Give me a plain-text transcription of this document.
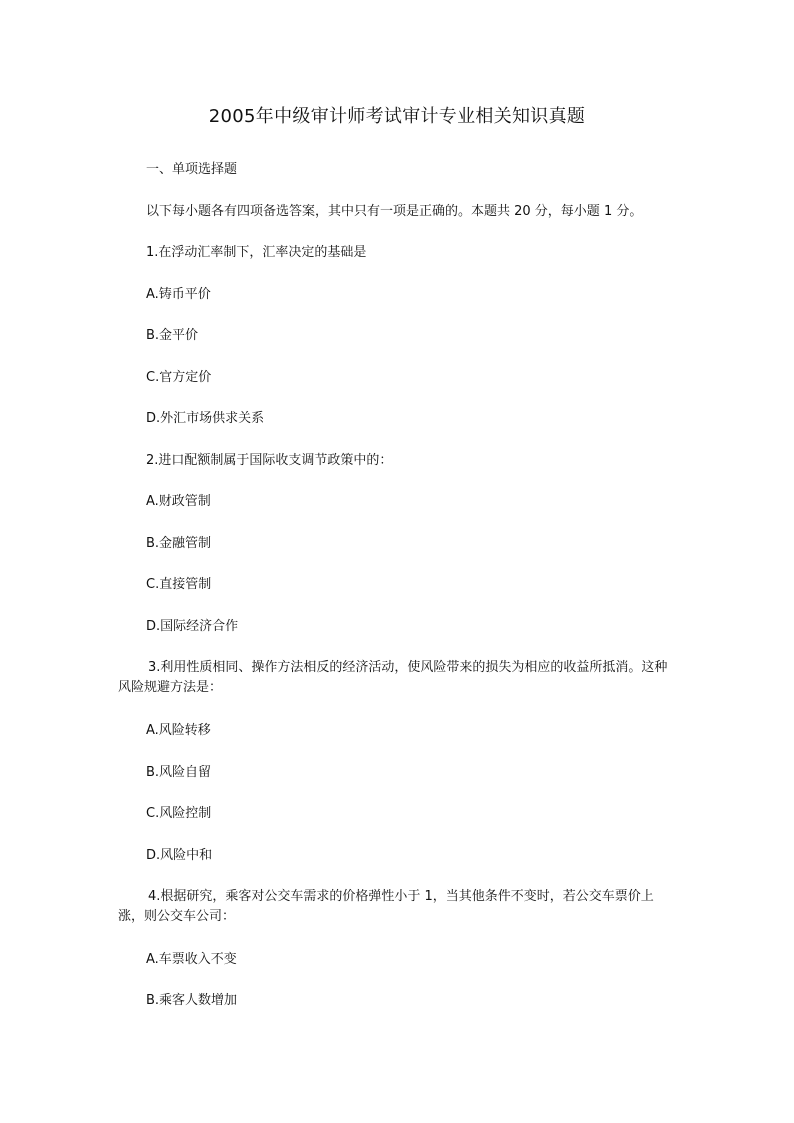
2005年中级审计师考试审计专业相关知识真题
一、单项选择题
以下每小题各有四项备选答案，其中只有一项是正确的。本题共 20 分，每小题 1 分。
1.在浮动汇率制下，汇率决定的基础是
A.铸币平价
B.金平价
C.官方定价
D.外汇市场供求关系
2.进口配额制属于国际收支调节政策中的：
A.财政管制
B.金融管制
C.直接管制
D.国际经济合作
3.利用性质相同、操作方法相反的经济活动，使风险带来的损失为相应的收益所抵消。这种风险规避方法是：
A.风险转移
B.风险自留
C.风险控制
D.风险中和
4.根据研究，乘客对公交车需求的价格弹性小于 1，当其他条件不变时，若公交车票价上涨，则公交车公司：
A.车票收入不变
B.乘客人数增加
